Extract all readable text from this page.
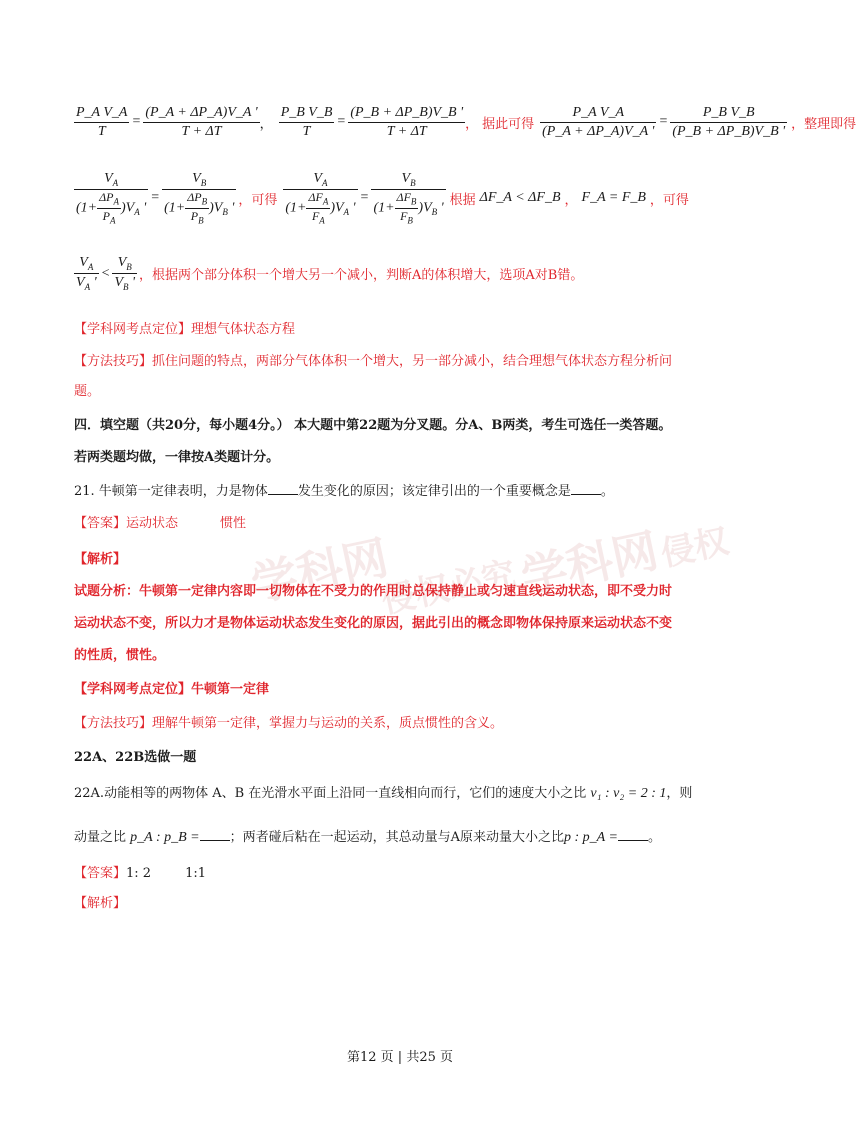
学科网
侵权必究
学科网
侵权
$\frac{\text{P\_A V\_A}}{T} = \frac{(P\_A + \Delta P\_A)V\_A '}{T + \Delta T}$ ， $\frac{\text{P\_B V\_B}}{T} = \frac{(P\_B + \Delta P\_B)V\_B '}{T + \Delta T}$ ， 据此可得 $\frac{\text{P\_A V\_A}}{(P\_A + \Delta P\_A)V\_A '} = \frac{\text{P\_B V\_B}}{(P\_B + \Delta P\_B)V\_B '}$ ，整理即得
$\frac{V_A}{(1+ \frac{\Delta P_A}{P_A} )V_A '} = \frac{V_B}{(1+ \frac{\Delta P_B}{P_B} )V_B '}$ ，可得 $\frac{V_A}{(1+ \frac{\Delta F_A}{F_A} )V_A '} = \frac{V_B}{(1+ \frac{\Delta F_B}{F_B} )V_B '}$ 根据 ΔF_A < ΔF_B ， F_A = F_B ，可得
$\frac{V_A}{V_A '} < \frac{V_B}{V_B '}$ ，根据两个部分体积一个增大另一个减小，判断A的体积增大，选项A对B错。
【学科网考点定位】理想气体状态方程
【方法技巧】抓住问题的特点，两部分气体体积一个增大，另一部分减小，结合理想气体状态方程分析问
题。
四．填空题（共20分，每小题4分。） 本大题中第22题为分叉题。分A、B两类，考生可选任一类答题。
若两类题均做，一律按A类题计分。
21. 牛顿第一定律表明，力是物体 发生变化的原因；该定律引出的一个重要概念是 。
【答案】运动状态	惯性
【解析】
试题分析：牛顿第一定律内容即一切物体在不受力的作用时总保持静止或匀速直线运动状态，即不受力时
运动状态不变，所以力才是物体运动状态发生变化的原因，据此引出的概念即物体保持原来运动状态不变
的性质，惯性。
【学科网考点定位】牛顿第一定律
【方法技巧】理解牛顿第一定律，掌握力与运动的关系，质点惯性的含义。
22A、22B选做一题
22A.动能相等的两物体 A、B 在光滑水平面上沿同一直线相向而行，它们的速度大小之比 v₁ : v₂ = 2 : 1，则
动量之比 p_A : p_B = ；两者碰后粘在一起运动，其总动量与A原来动量大小之比p : p_A = 。
【答案】1: 2	1:1
【解析】
第12 页 | 共25 页
